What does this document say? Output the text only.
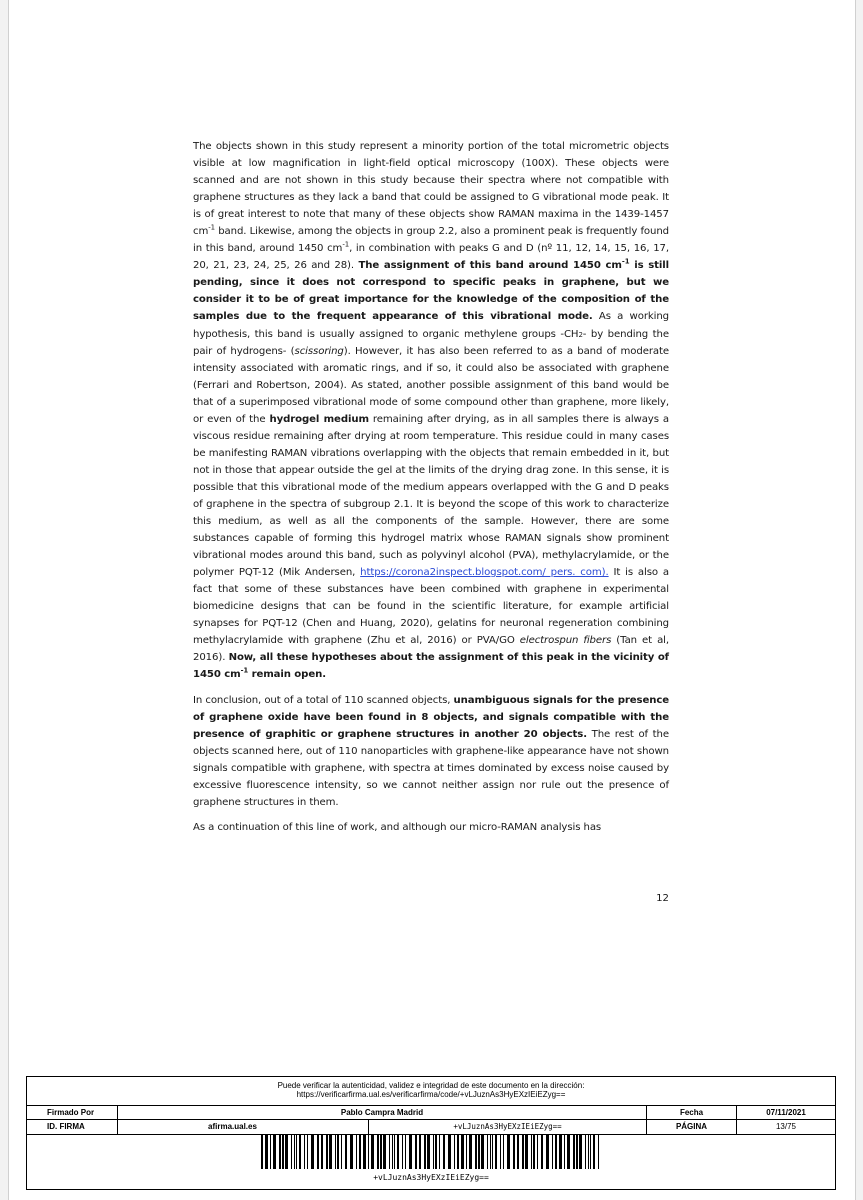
The objects shown in this study represent a minority portion of the total micrometric objects visible at low magnification in light-field optical microscopy (100X). These objects were scanned and are not shown in this study because their spectra where not compatible with graphene structures as they lack a band that could be assigned to G vibrational mode peak. It is of great interest to note that many of these objects show RAMAN maxima in the 1439-1457 $cm^{-1}$ band. Likewise, among the objects in group 2.2, also a prominent peak is frequently found in this band, around 1450 $cm^{-1}$, in combination with peaks G and D (nº 11, 12, 14, 15, 16, 17, 20, 21, 23, 24, 25, 26 and 28). The assignment of this band around 1450 $cm^{-1}$ is still pending, since it does not correspond to specific peaks in graphene, but we consider it to be of great importance for the knowledge of the composition of the samples due to the frequent appearance of this vibrational mode. As a working hypothesis, this band is usually assigned to organic methylene groups -CH2- by bending the pair of hydrogens- (scissoring). However, it has also been referred to as a band of moderate intensity associated with aromatic rings, and if so, it could also be associated with graphene (Ferrari and Robertson, 2004). As stated, another possible assignment of this band would be that of a superimposed vibrational mode of some compound other than graphene, more likely, or even of the hydrogel medium remaining after drying, as in all samples there is always a viscous residue remaining after drying at room temperature. This residue could in many cases be manifesting RAMAN vibrations overlapping with the objects that remain embedded in it, but not in those that appear outside the gel at the limits of the drying drag zone. In this sense, it is possible that this vibrational mode of the medium appears overlapped with the G and D peaks of graphene in the spectra of subgroup 2.1. It is beyond the scope of this work to characterize this medium, as well as all the components of the sample. However, there are some substances capable of forming this hydrogel matrix whose RAMAN signals show prominent vibrational modes around this band, such as polyvinyl alcohol (PVA), methylacrylamide, or the polymer PQT-12 (Mik Andersen, https://corona2inspect.blogspot.com/ pers. com). It is also a fact that some of these substances have been combined with graphene in experimental biomedicine designs that can be found in the scientific literature, for example artificial synapses for PQT-12 (Chen and Huang, 2020), gelatins for neuronal regeneration combining methylacrylamide with graphene (Zhu et al, 2016) or PVA/GO electrospun fibers (Tan et al, 2016). Now, all these hypotheses about the assignment of this peak in the vicinity of 1450 $cm^{-1}$ remain open.

In conclusion, out of a total of 110 scanned objects, unambiguous signals for the presence of graphene oxide have been found in 8 objects, and signals compatible with the presence of graphitic or graphene structures in another 20 objects. The rest of the objects scanned here, out of 110 nanoparticles with graphene-like appearance have not shown signals compatible with graphene, with spectra at times dominated by excess noise caused by excessive fluorescence intensity, so we cannot neither assign nor rule out the presence of graphene structures in them.

As a continuation of this line of work, and although our micro-RAMAN analysis has

12
Puede verificar la autenticidad, validez e integridad de este documento en la dirección:
https://verificarfirma.ual.es/verificarfirma/code/+vLJuznAs3HyEXzIEiEZyg==
Firmado Por	Pablo Campra Madrid	Fecha	07/11/2021
ID. FIRMA	afirma.ual.es	+vLJuznAs3HyEXzIEiEZyg==	PÁGINA	13/75
+vLJuznAs3HyEXzIEiEZyg==
